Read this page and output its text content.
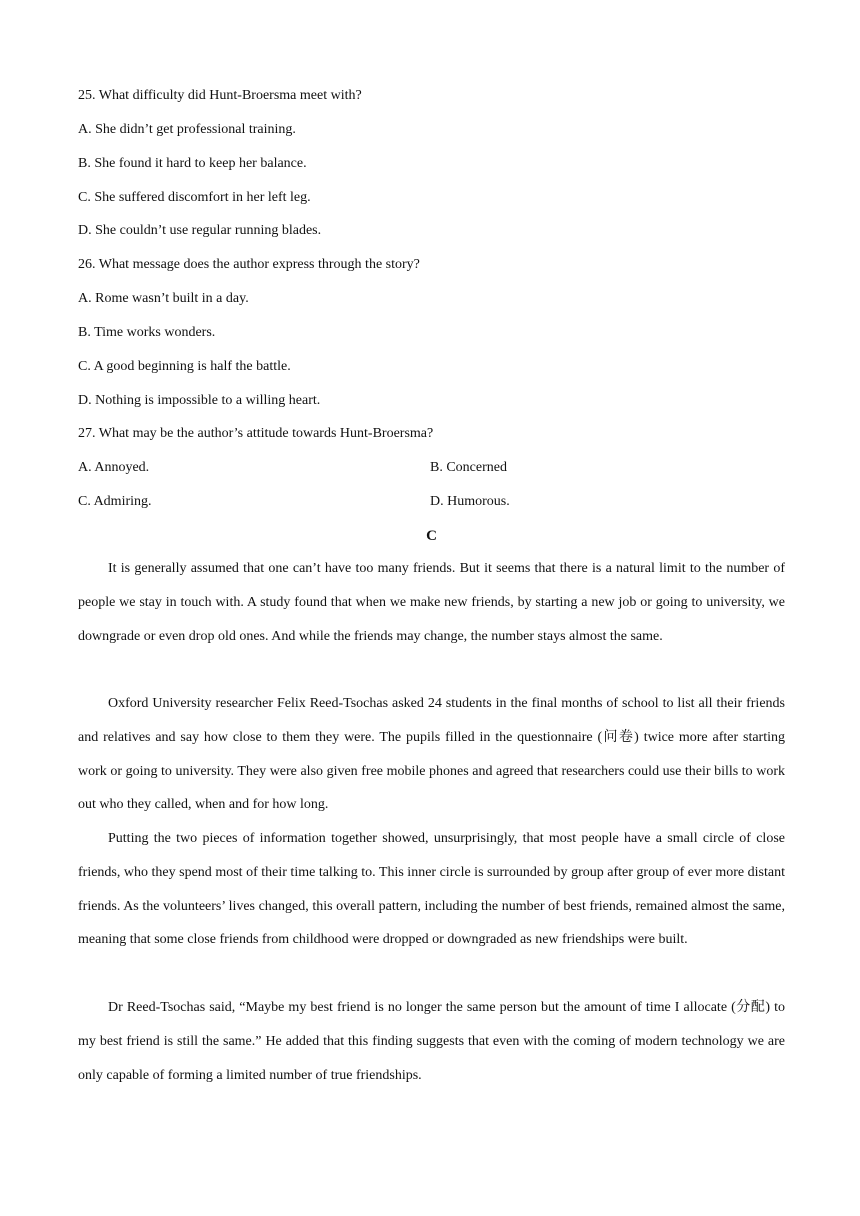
25. What difficulty did Hunt-Broersma meet with?
A. She didn’t get professional training.
B. She found it hard to keep her balance.
C. She suffered discomfort in her left leg.
D. She couldn’t use regular running blades.
26. What message does the author express through the story?
A. Rome wasn’t built in a day.
B. Time works wonders.
C. A good beginning is half the battle.
D. Nothing is impossible to a willing heart.
27. What may be the author’s attitude towards Hunt-Broersma?
A. Annoyed.	B. Concerned
C. Admiring.	D. Humorous.
C

It is generally assumed that one can’t have too many friends. But it seems that there is a natural limit to the number of people we stay in touch with. A study found that when we make new friends, by starting a new job or going to university, we downgrade or even drop old ones. And while the friends may change, the number stays almost the same.

Oxford University researcher Felix Reed-Tsochas asked 24 students in the final months of school to list all their friends and relatives and say how close to them they were. The pupils filled in the questionnaire (问卷) twice more after starting work or going to university. They were also given free mobile phones and agreed that researchers could use their bills to work out who they called, when and for how long.

Putting the two pieces of information together showed, unsurprisingly, that most people have a small circle of close friends, who they spend most of their time talking to. This inner circle is surrounded by group after group of ever more distant friends. As the volunteers’ lives changed, this overall pattern, including the number of best friends, remained almost the same, meaning that some close friends from childhood were dropped or downgraded as new friendships were built.

Dr Reed-Tsochas said, “Maybe my best friend is no longer the same person but the amount of time I allocate (分配) to my best friend is still the same.” He added that this finding suggests that even with the coming of modern technology we are only capable of forming a limited number of true friendships.
